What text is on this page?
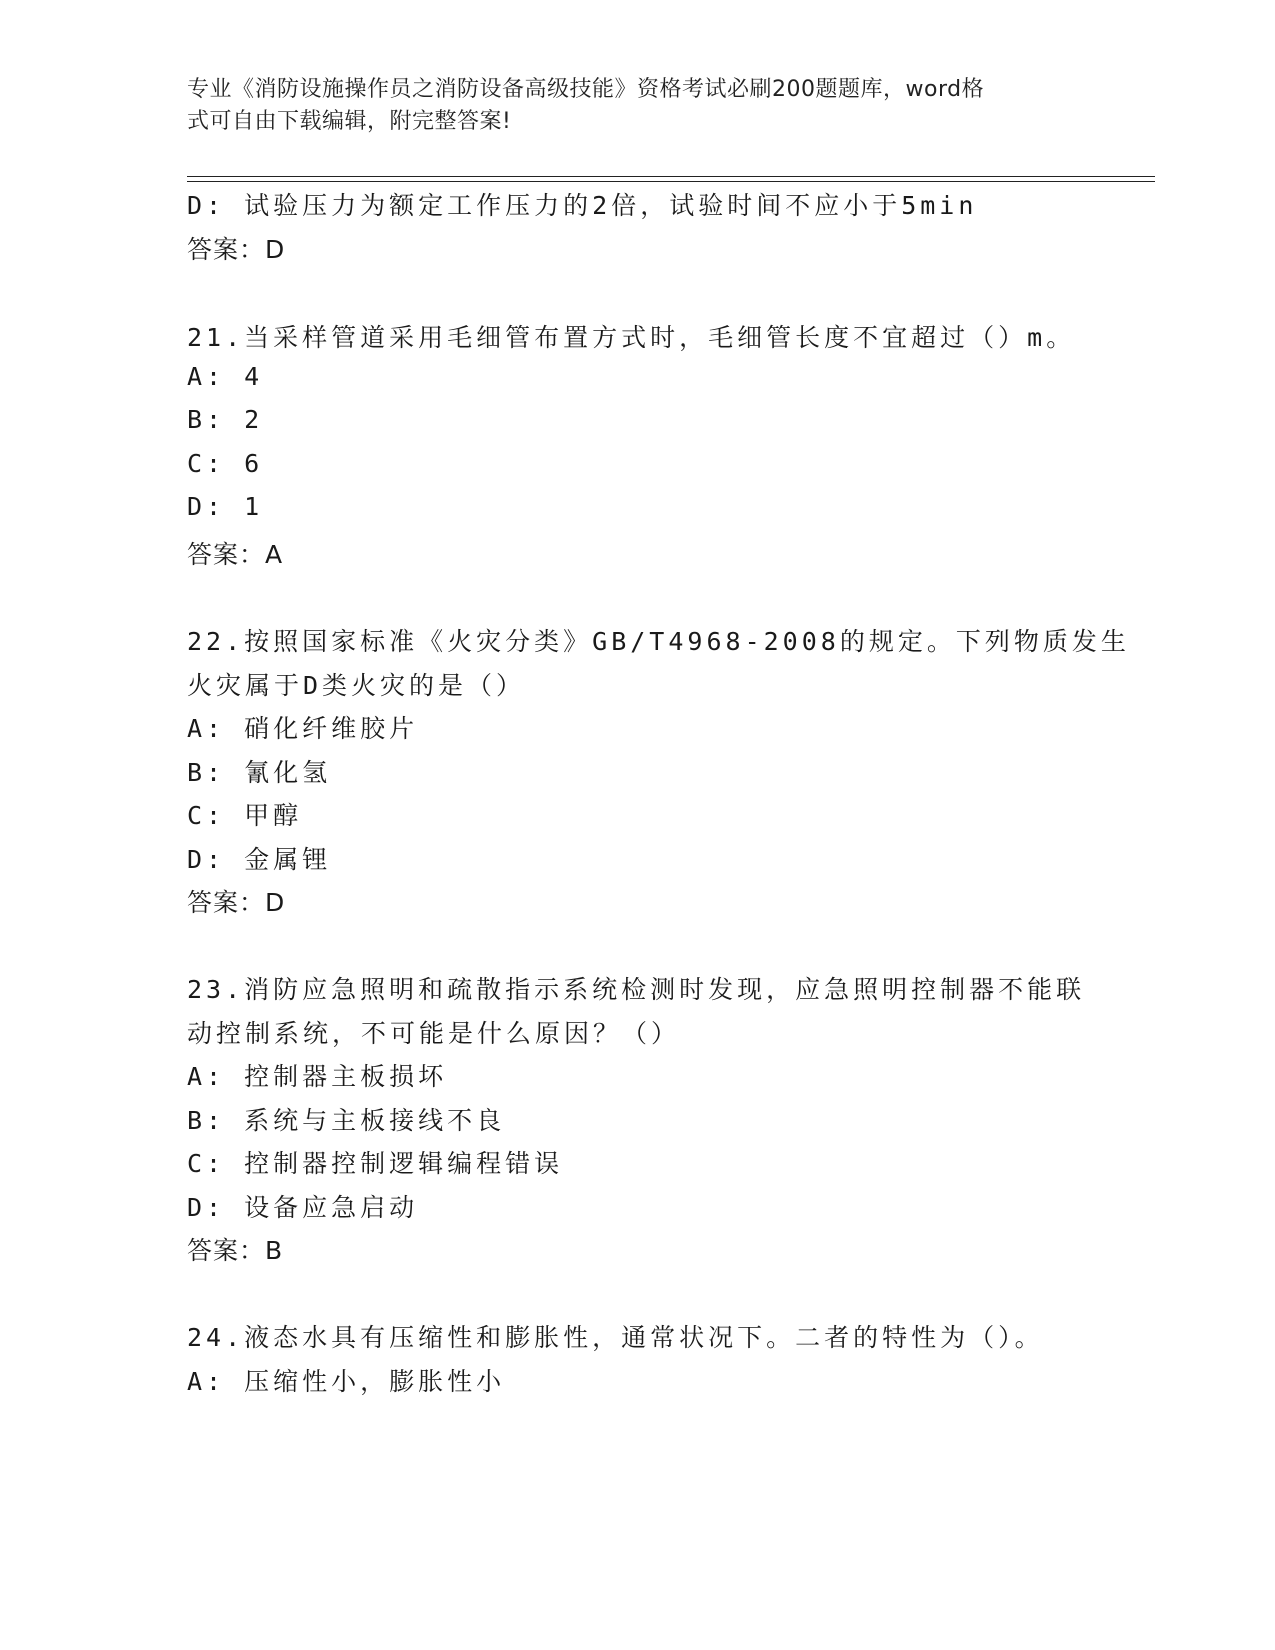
专业《消防设施操作员之消防设备高级技能》资格考试必刷200题题库，word格
式可自由下载编辑，附完整答案!
D: 试验压力为额定工作压力的2倍，试验时间不应小于5min
答案：D
21.当采样管道采用毛细管布置方式时，毛细管长度不宜超过（）m。
A: 4
B: 2
C: 6
D: 1
答案：A
22.按照国家标准《火灾分类》GB/T4968-2008的规定。下列物质发生
火灾属于D类火灾的是（）
A: 硝化纤维胶片
B: 氰化氢
C: 甲醇
D: 金属锂
答案：D
23.消防应急照明和疏散指示系统检测时发现，应急照明控制器不能联
动控制系统，不可能是什么原因？（）
A: 控制器主板损坏
B: 系统与主板接线不良
C: 控制器控制逻辑编程错误
D: 设备应急启动
答案：B
24.液态水具有压缩性和膨胀性，通常状况下。二者的特性为（）。
A: 压缩性小，膨胀性小
